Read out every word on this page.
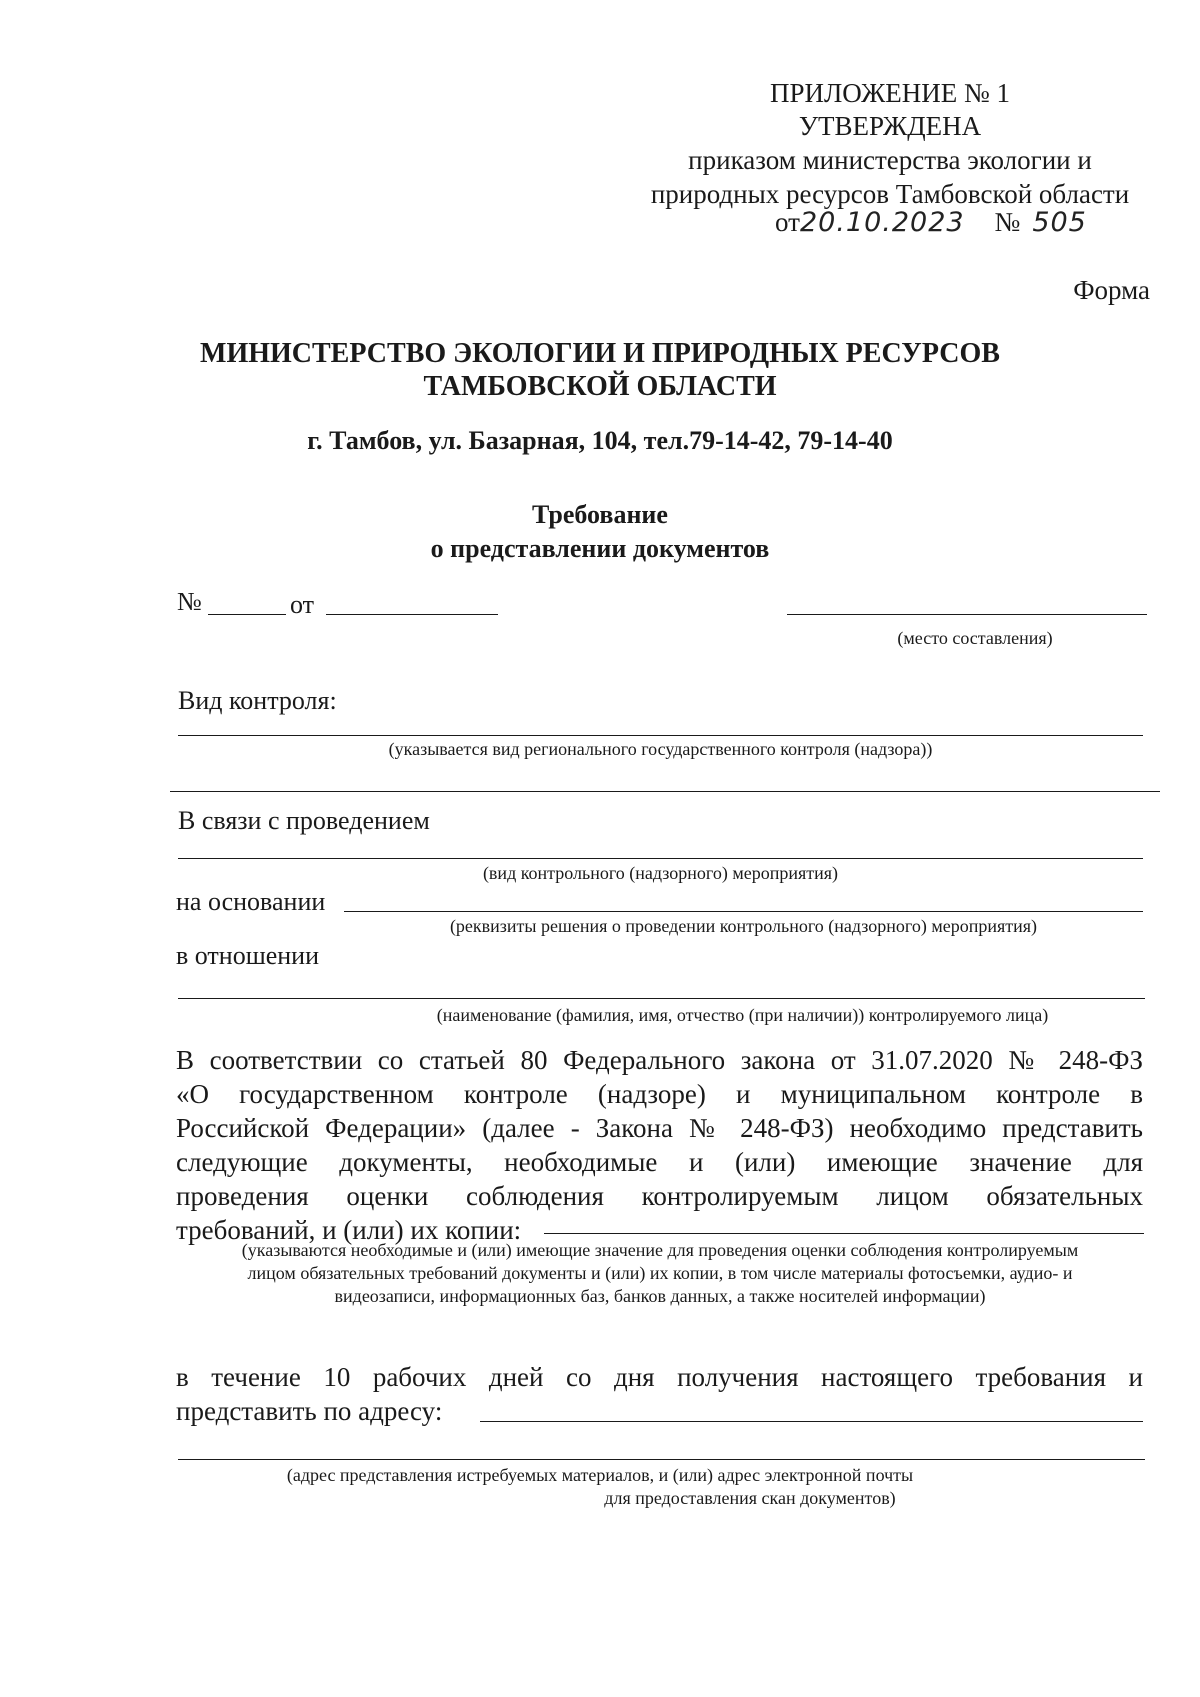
ПРИЛОЖЕНИЕ № 1
УТВЕРЖДЕНА
приказом министерства экологии и
природных ресурсов Тамбовской области
от20.10.2023 № 505
Форма
МИНИСТЕРСТВО ЭКОЛОГИИ И ПРИРОДНЫХ РЕСУРСОВ
ТАМБОВСКОЙ ОБЛАСТИ
г. Тамбов, ул. Базарная, 104, тел.79-14-42, 79-14-40
Требование
о представлении документов
№	от
(место составления)
Вид контроля:
(указывается вид регионального государственного контроля (надзора))
В связи с проведением
(вид контрольного (надзорного) мероприятия)
на основании
(реквизиты решения о проведении контрольного (надзорного) мероприятия)
в отношении
(наименование (фамилия, имя, отчество (при наличии)) контролируемого лица)
В соответствии со статьей 80 Федерального закона от 31.07.2020 № 248-ФЗ
«О государственном контроле (надзоре) и муниципальном контроле в
Российской Федерации» (далее - Закона № 248-ФЗ) необходимо представить
следующие документы, необходимые и (или) имеющие значение для
проведения оценки соблюдения контролируемым лицом обязательных
требований, и (или) их копии:
(указываются необходимые и (или) имеющие значение для проведения оценки соблюдения контролируемым
лицом обязательных требований документы и (или) их копии, в том числе материалы фотосъемки, аудио- и
видеозаписи, информационных баз, банков данных, а также носителей информации)
в течение 10 рабочих дней со дня получения настоящего требования и
представить по адресу:
(адрес представления истребуемых материалов, и (или) адрес электронной почты
для предоставления скан документов)
